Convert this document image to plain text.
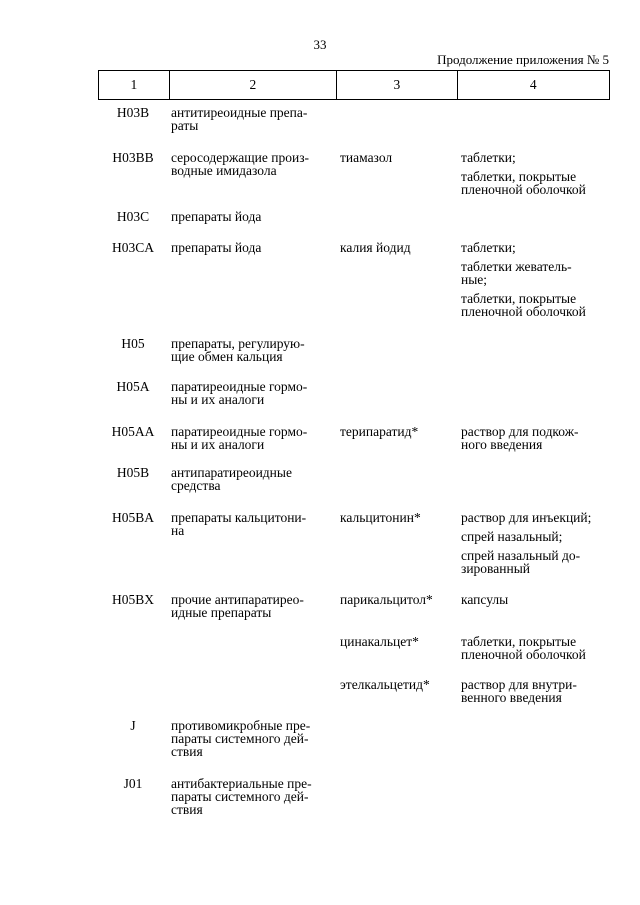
33
Продолжение приложения № 5
1	2	3	4
H03B	антитиреоидные препа-
раты
H03BB	серосодержащие произ-
водные имидазола
тиамазол	таблетки;

таблетки, покрытые
пленочной оболочкой

H03C	препараты йода
H03CA	препараты йода	калия йодид	таблетки;

таблетки жеватель-
ные;

таблетки, покрытые
пленочной оболочкой

H05	препараты, регулирую-
щие обмен кальция
H05A	паратиреоидные гормо-
ны и их аналоги
H05AA	паратиреоидные гормо-
ны и их аналоги
терипаратид*	раствор для подкож-
ного введения

H05B	антипаратиреоидные
средства
H05BA	препараты кальцитони-
на
кальцитонин*	раствор для инъекций;

спрей назальный;

спрей назальный до-
зированный

H05BX	прочие антипаратиреo-
идные препараты
парикальцитол*	капсулы

цинакальцет*	таблетки, покрытые
пленочной оболочкой

этелкальцетид*	раствор для внутри-
венного введения

J	противомикробные пре-
параты системного дей-
ствия
J01	антибактериальные пре-
параты системного дей-
ствия
